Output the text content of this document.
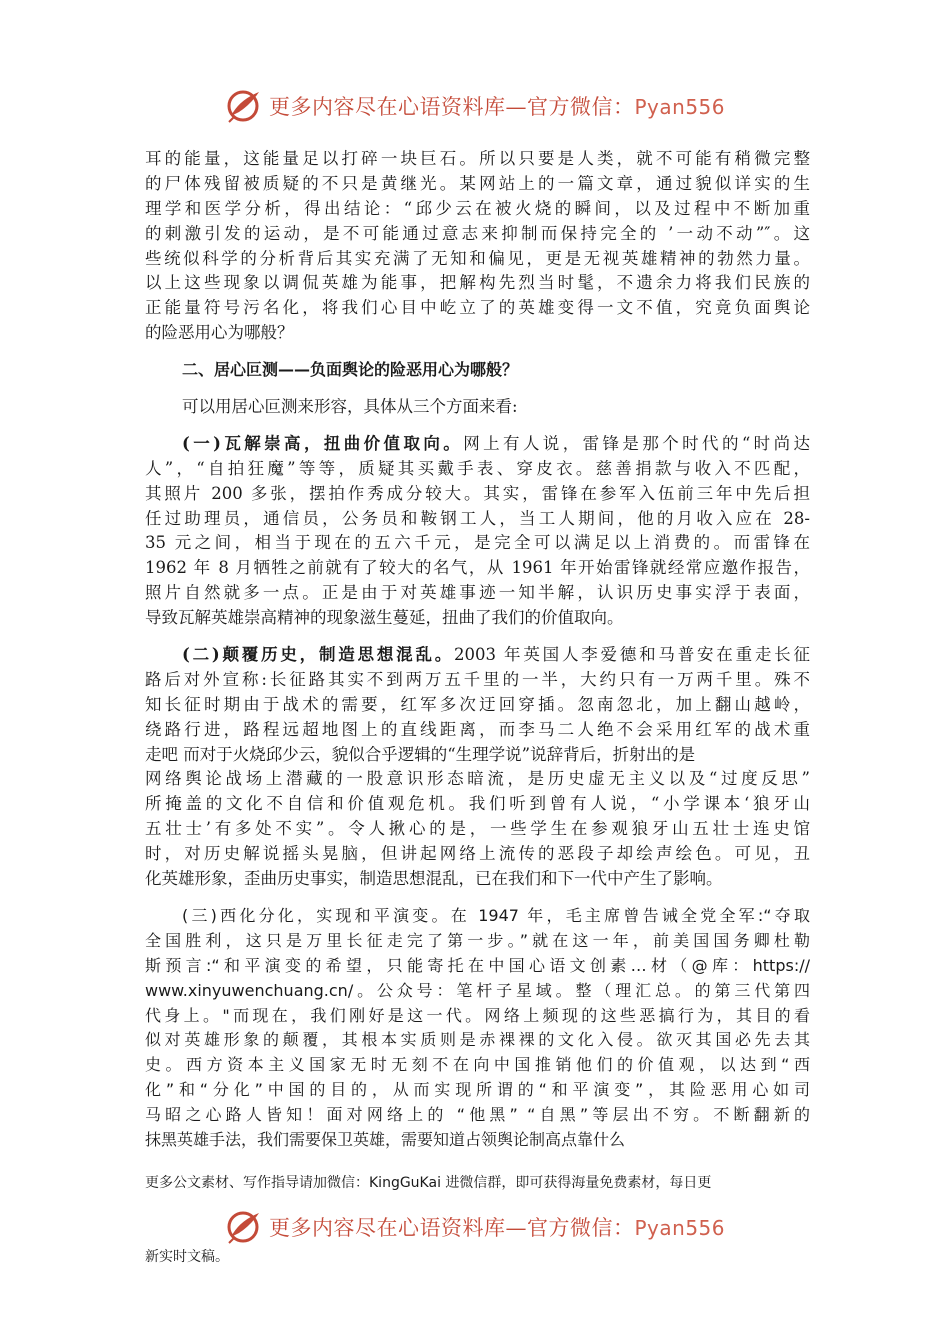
更多内容尽在心语资料库—官方微信：Pyan556
耳的能量，这能量足以打碎一块巨石。所以只要是人类，就不可能有稍微完整
的尸体残留被质疑的不只是黄继光。某网站上的一篇文章，通过貌似详实的生
理学和医学分析，得出结论：“邱少云在被火烧的瞬间，以及过程中不断加重
的刺激引发的运动，是不可能通过意志来抑制而保持完全的 ’一动不动”″。这
些统似科学的分析背后其实充满了无知和偏见，更是无视英雄精神的勃然力量。
以上这些现象以调侃英雄为能事，把解构先烈当时髦，不遗余力将我们民族的
正能量符号污名化，将我们心目中屹立了的英雄变得一文不值，究竟负面舆论
的险恶用心为哪般？
二、居心叵测——负面舆论的险恶用心为哪般？
可以用居心叵测来形容，具体从三个方面来看:
(一)瓦解崇高，扭曲价值取向。网上有人说，雷锋是那个时代的“时尚达
人”，“自拍狂魔”等等，质疑其买戴手表、穿皮衣。慈善捐款与收入不匹配，
其照片 200 多张，摆拍作秀成分较大。其实，雷锋在参军入伍前三年中先后担
任过助理员，通信员，公务员和鞍钢工人，当工人期间，他的月收入应在 28-
35 元之间，相当于现在的五六千元，是完全可以满足以上消费的。而雷锋在
1962 年 8 月牺牲之前就有了较大的名气，从 1961 年开始雷锋就经常应邀作报告，
照片自然就多一点。正是由于对英雄事迹一知半解，认识历史事实浮于表面，
导致瓦解英雄崇高精神的现象滋生蔓延，扭曲了我们的价值取向。
(二)颠覆历史，制造思想混乱。2003 年英国人李爱德和马普安在重走长征
路后对外宣称:长征路其实不到两万五千里的一半，大约只有一万两千里。殊不
知长征时期由于战术的需要，红军多次迂回穿插。忽南忽北，加上翻山越岭，
绕路行进，路程远超地图上的直线距离，而李马二人绝不会采用红军的战术重
走吧 而对于火烧邱少云，貌似合乎逻辑的“生理学说”说辞背后，折射出的是
网络舆论战场上潜藏的一股意识形态暗流，是历史虚无主义以及“过度反思”
所掩盖的文化不自信和价值观危机。我们听到曾有人说，“小学课本‘狼牙山
五壮士’有多处不实”。令人揪心的是，一些学生在参观狼牙山五壮士连史馆
时，对历史解说摇头晃脑，但讲起网络上流传的恶段子却绘声绘色。可见，丑
化英雄形象，歪曲历史事实，制造思想混乱，已在我们和下一代中产生了影响。
(三)西化分化，实现和平演变。在 1947 年，毛主席曾告诫全党全军:“夺取
全国胜利，这只是万里长征走完了第一步。”就在这一年，前美国国务卿杜勒
斯预言:“和平演变的希望，只能寄托在中国心语文创素…材（@库：https://
www.xinyuwenchuang.cn/。公众号：笔杆子星域。整（理汇总。的第三代第四
代身上。"而现在，我们刚好是这一代。网络上频现的这些恶搞行为，其目的看
似对英雄形象的颠覆，其根本实质则是赤裸裸的文化入侵。欲灭其国必先去其
史。西方资本主义国家无时无刻不在向中国推销他们的价值观，以达到“西
化”和“分化”中国的目的，从而实现所谓的“和平演变”，其险恶用心如司
马昭之心路人皆知！面对网络上的 “他黑” “自黑”等层出不穷。不断翻新的
抹黑英雄手法，我们需要保卫英雄，需要知道占领舆论制高点靠什么
更多公文素材、写作指导请加微信：KingGuKai 进微信群，即可获得海量免费素材，每日更
更多内容尽在心语资料库—官方微信：Pyan556
新实时文稿。
